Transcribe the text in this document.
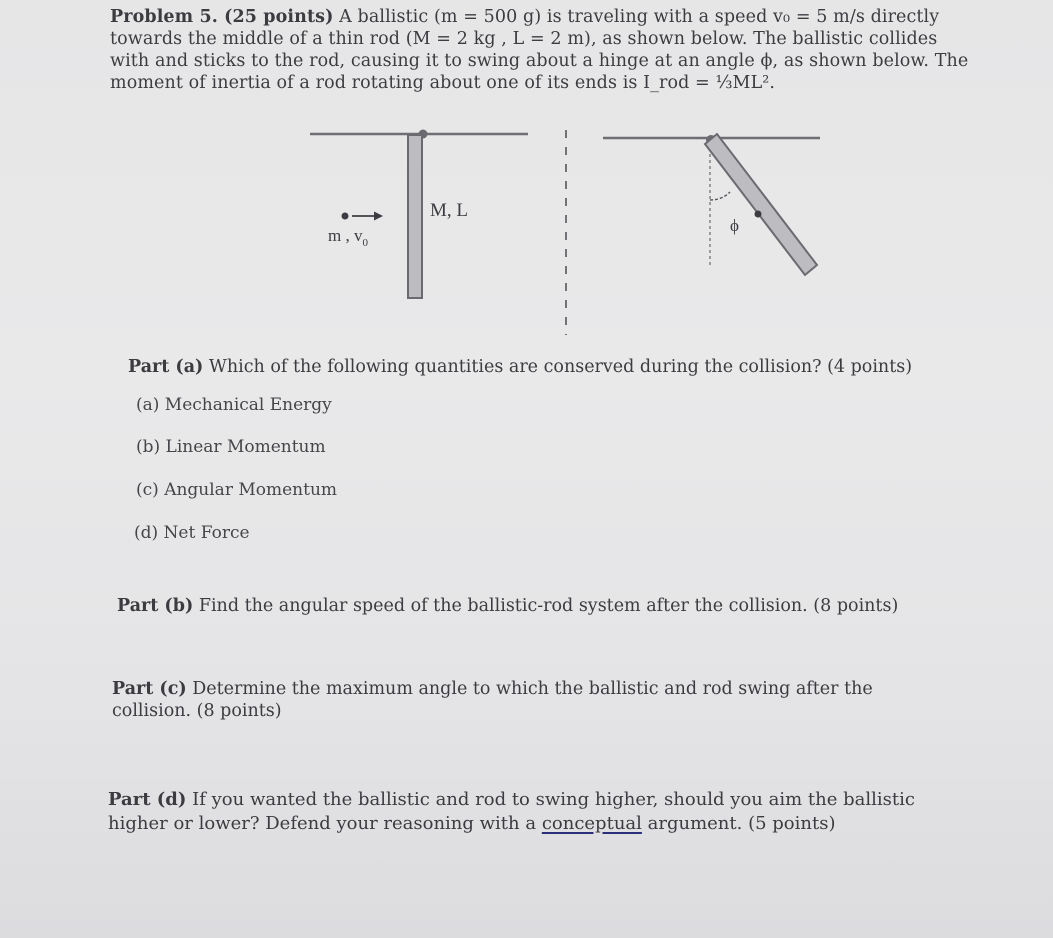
Problem 5. (25 points) A ballistic (m = 500 g) is traveling with a speed v₀ = 5 m/s directly
towards the middle of a thin rod (M = 2 kg , L = 2 m), as shown below. The ballistic collides
with and sticks to the rod, causing it to swing about a hinge at an angle ϕ, as shown below. The
moment of inertia of a rod rotating about one of its ends is I_rod = ⅓ML².
M, L
m , $v_0$
ϕ
Part (a) Which of the following quantities are conserved during the collision? (4 points)
(a) Mechanical Energy
(b) Linear Momentum
(c) Angular Momentum
(d) Net Force
Part (b) Find the angular speed of the ballistic-rod system after the collision. (8 points)
Part (c) Determine the maximum angle to which the ballistic and rod swing after the
collision. (8 points)
Part (d) If you wanted the ballistic and rod to swing higher, should you aim the ballistic
higher or lower? Defend your reasoning with a conceptual argument. (5 points)
